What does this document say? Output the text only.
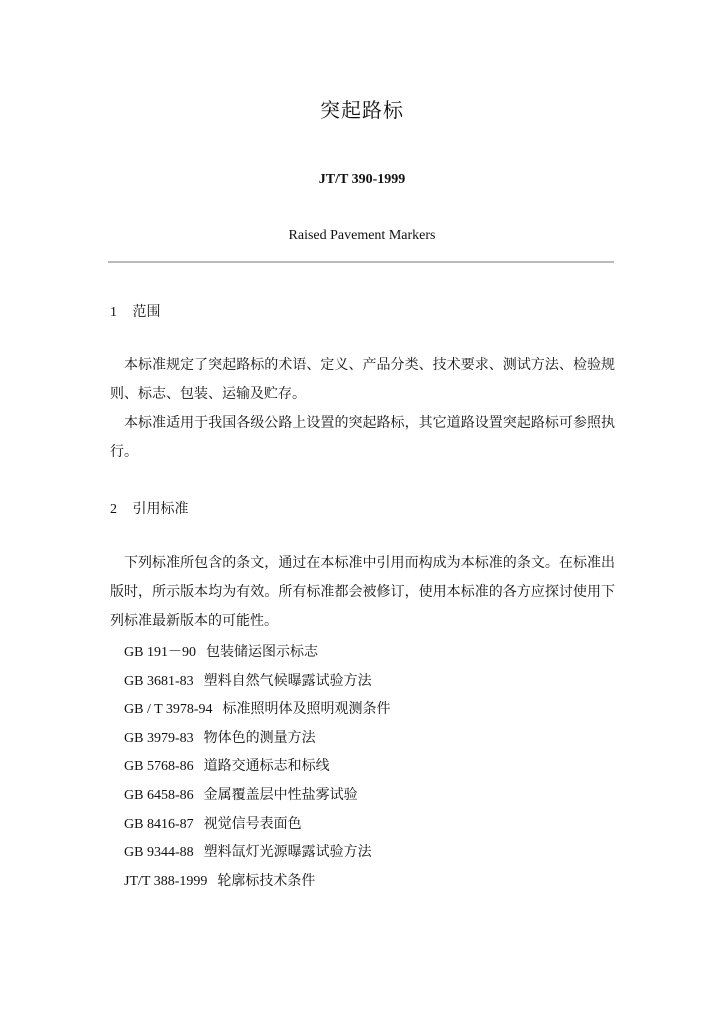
突起路标
JT/T 390-1999
Raised Pavement Markers
1 范围
本标准规定了突起路标的术语、定义、产品分类、技术要求、测试方法、检验规则、标志、包装、运输及贮存。
本标准适用于我国各级公路上设置的突起路标，其它道路设置突起路标可参照执行。
2 引用标准
下列标准所包含的条文，通过在本标准中引用而构成为本标准的条文。在标准出版时，所示版本均为有效。所有标准都会被修订，使用本标准的各方应探讨使用下列标准最新版本的可能性。
GB 191－90 包装储运图示标志
GB 3681-83 塑料自然气候曝露试验方法
GB / T 3978-94 标准照明体及照明观测条件
GB 3979-83 物体色的测量方法
GB 5768-86 道路交通标志和标线
GB 6458-86 金属覆盖层中性盐雾试验
GB 8416-87 视觉信号表面色
GB 9344-88 塑料氙灯光源曝露试验方法
JT/T 388-1999 轮廓标技术条件
